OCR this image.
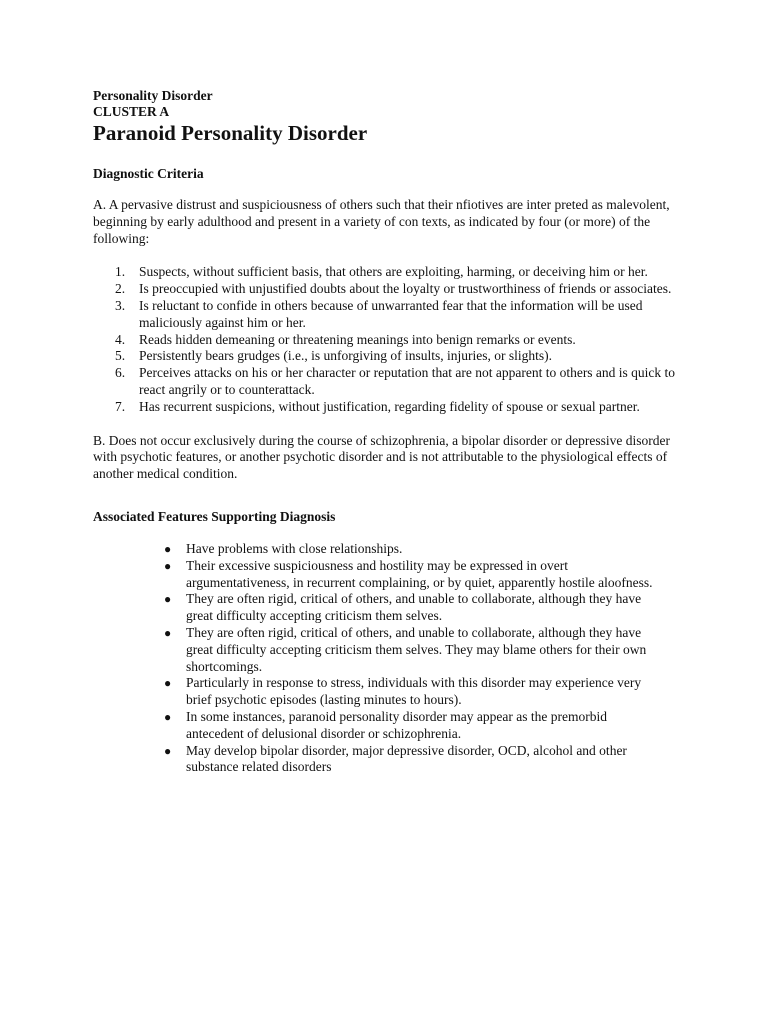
Personality Disorder

CLUSTER A

Paranoid Personality Disorder
Diagnostic Criteria

A. A pervasive distrust and suspiciousness of others such that their nfiotives are inter preted as malevolent, beginning by early adulthood and present in a variety of con texts, as indicated by four (or more) of the following:

1. Suspects, without sufficient basis, that others are exploiting, harming, or deceiving him or her.
2. Is preoccupied with unjustified doubts about the loyalty or trustworthiness of friends or associates.
3. Is reluctant to confide in others because of unwarranted fear that the information will be used maliciously against him or her.
4. Reads hidden demeaning or threatening meanings into benign remarks or events.
5. Persistently bears grudges (i.e., is unforgiving of insults, injuries, or slights).
6. Perceives attacks on his or her character or reputation that are not apparent to others and is quick to react angrily or to counterattack.
7. Has recurrent suspicions, without justification, regarding fidelity of spouse or sexual partner.

B. Does not occur exclusively during the course of schizophrenia, a bipolar disorder or depressive disorder with psychotic features, or another psychotic disorder and is not attributable to the physiological effects of another medical condition.

Associated Features Supporting Diagnosis
● Have problems with close relationships.
● Their excessive suspiciousness and hostility may be expressed in overt argumentativeness, in recurrent complaining, or by quiet, apparently hostile aloofness.
● They are often rigid, critical of others, and unable to collaborate, although they have great difficulty accepting criticism them selves.
● They are often rigid, critical of others, and unable to collaborate, although they have great difficulty accepting criticism them selves. They may blame others for their own shortcomings.
● Particularly in response to stress, individuals with this disorder may experience very brief psychotic episodes (lasting minutes to hours).
● In some instances, paranoid personality disorder may appear as the premorbid antecedent of delusional disorder or schizophrenia.
● May develop bipolar disorder, major depressive disorder, OCD, alcohol and other substance related disorders
